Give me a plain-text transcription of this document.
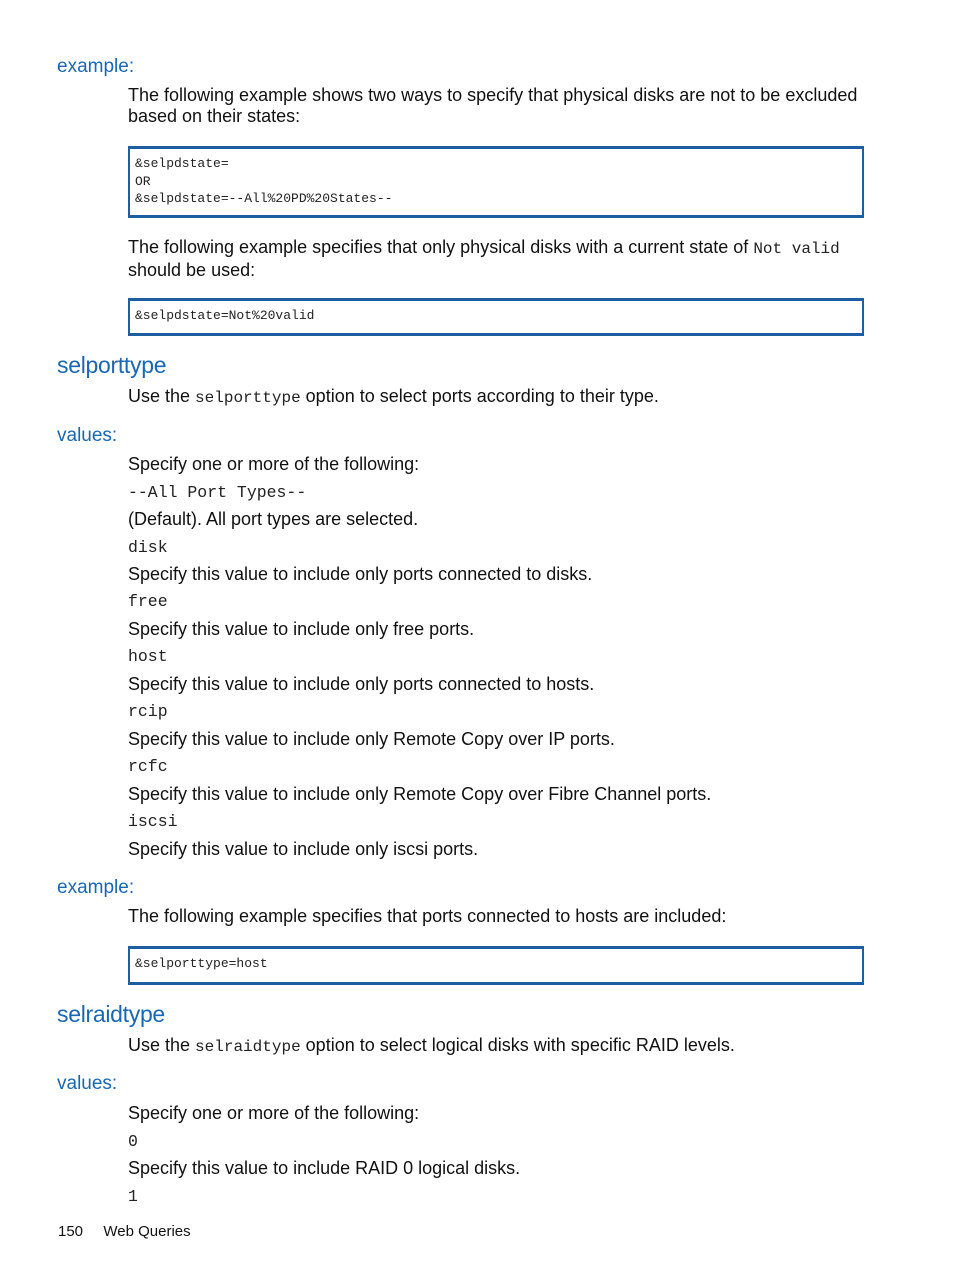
example:
The following example shows two ways to specify that physical disks are not to be excluded based on their states:
&selpdstate=
OR
&selpdstate=--All%20PD%20States--
The following example specifies that only physical disks with a current state of Not valid should be used:
&selpdstate=Not%20valid
selporttype
Use the selporttype option to select ports according to their type.
values:
Specify one or more of the following:
--All Port Types--
(Default). All port types are selected.
disk
Specify this value to include only ports connected to disks.
free
Specify this value to include only free ports.
host
Specify this value to include only ports connected to hosts.
rcip
Specify this value to include only Remote Copy over IP ports.
rcfc
Specify this value to include only Remote Copy over Fibre Channel ports.
iscsi
Specify this value to include only iscsi ports.
example:
The following example specifies that ports connected to hosts are included:
&selporttype=host
selraidtype
Use the selraidtype option to select logical disks with specific RAID levels.
values:
Specify one or more of the following:
0
Specify this value to include RAID 0 logical disks.
1
150 Web Queries
